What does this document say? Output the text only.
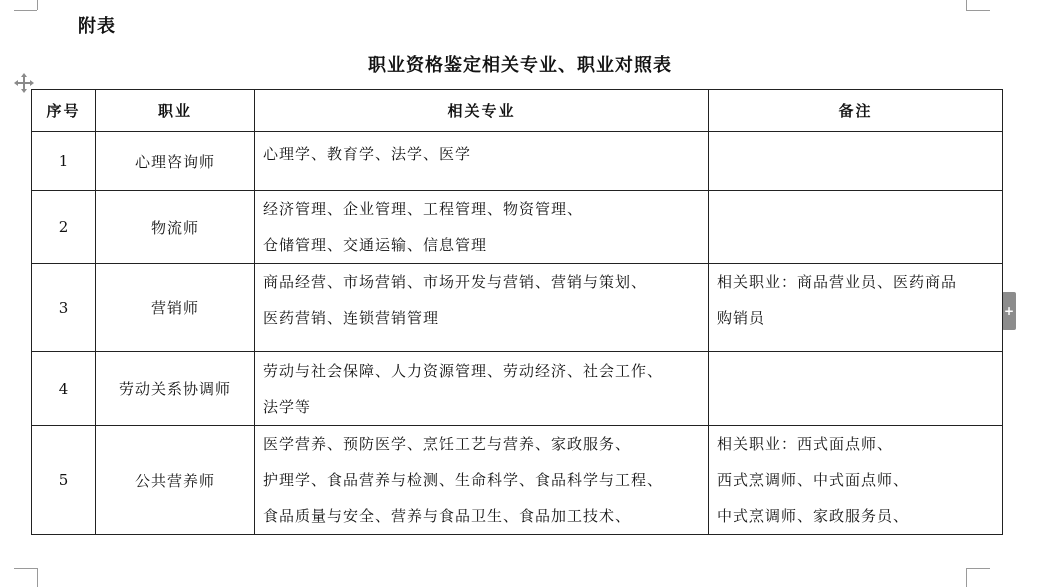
附表
职业资格鉴定相关专业、职业对照表
+
序号	职业	相关专业	备注
1	心理咨询师	心理学、教育学、法学、医学	

2	物流师	经济管理、企业管理、工程管理、物资管理、
仓储管理、交通运输、信息管理	

3	营销师	商品经营、市场营销、市场开发与营销、营销与策划、
医药营销、连锁营销管理	相关职业：商品营业员、医药商品
购销员

4	劳动关系协调师	劳动与社会保障、人力资源管理、劳动经济、社会工作、
法学等	

5	公共营养师	医学营养、预防医学、烹饪工艺与营养、家政服务、
护理学、食品营养与检测、生命科学、食品科学与工程、
食品质量与安全、营养与食品卫生、食品加工技术、	相关职业：西式面点师、
西式烹调师、中式面点师、
中式烹调师、家政服务员、
